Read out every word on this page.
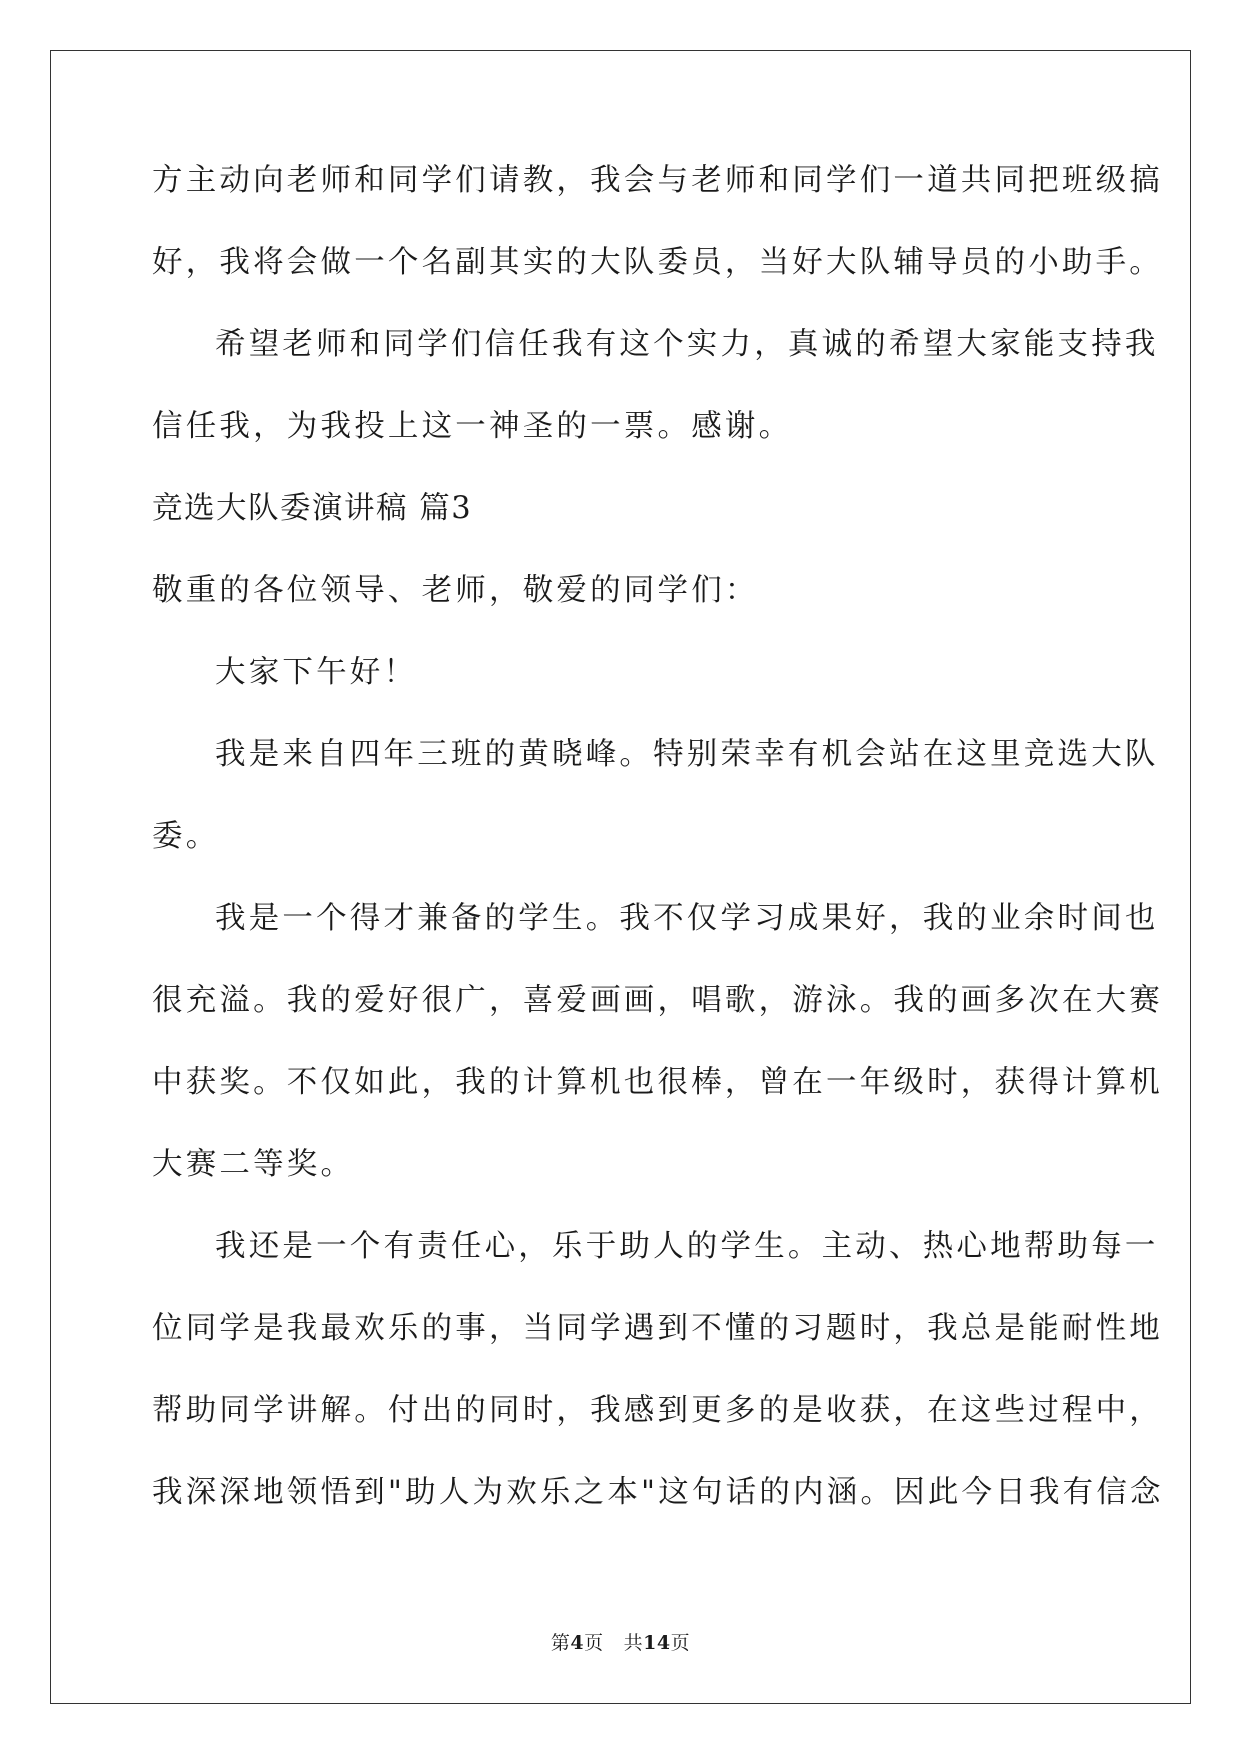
方主动向老师和同学们请教，我会与老师和同学们一道共同把班级搞
好，我将会做一个名副其实的大队委员，当好大队辅导员的小助手。
希望老师和同学们信任我有这个实力，真诚的希望大家能支持我
信任我，为我投上这一神圣的一票。感谢。
竞选大队委演讲稿 篇3
敬重的各位领导、老师，敬爱的同学们：
大家下午好！
我是来自四年三班的黄晓峰。特别荣幸有机会站在这里竞选大队
委。
我是一个得才兼备的学生。我不仅学习成果好，我的业余时间也
很充溢。我的爱好很广，喜爱画画，唱歌，游泳。我的画多次在大赛
中获奖。不仅如此，我的计算机也很棒，曾在一年级时，获得计算机
大赛二等奖。
我还是一个有责任心，乐于助人的学生。主动、热心地帮助每一
位同学是我最欢乐的事，当同学遇到不懂的习题时，我总是能耐性地
帮助同学讲解。付出的同时，我感到更多的是收获，在这些过程中，
我深深地领悟到"助人为欢乐之本"这句话的内涵。因此今日我有信念
第4页 共14页
